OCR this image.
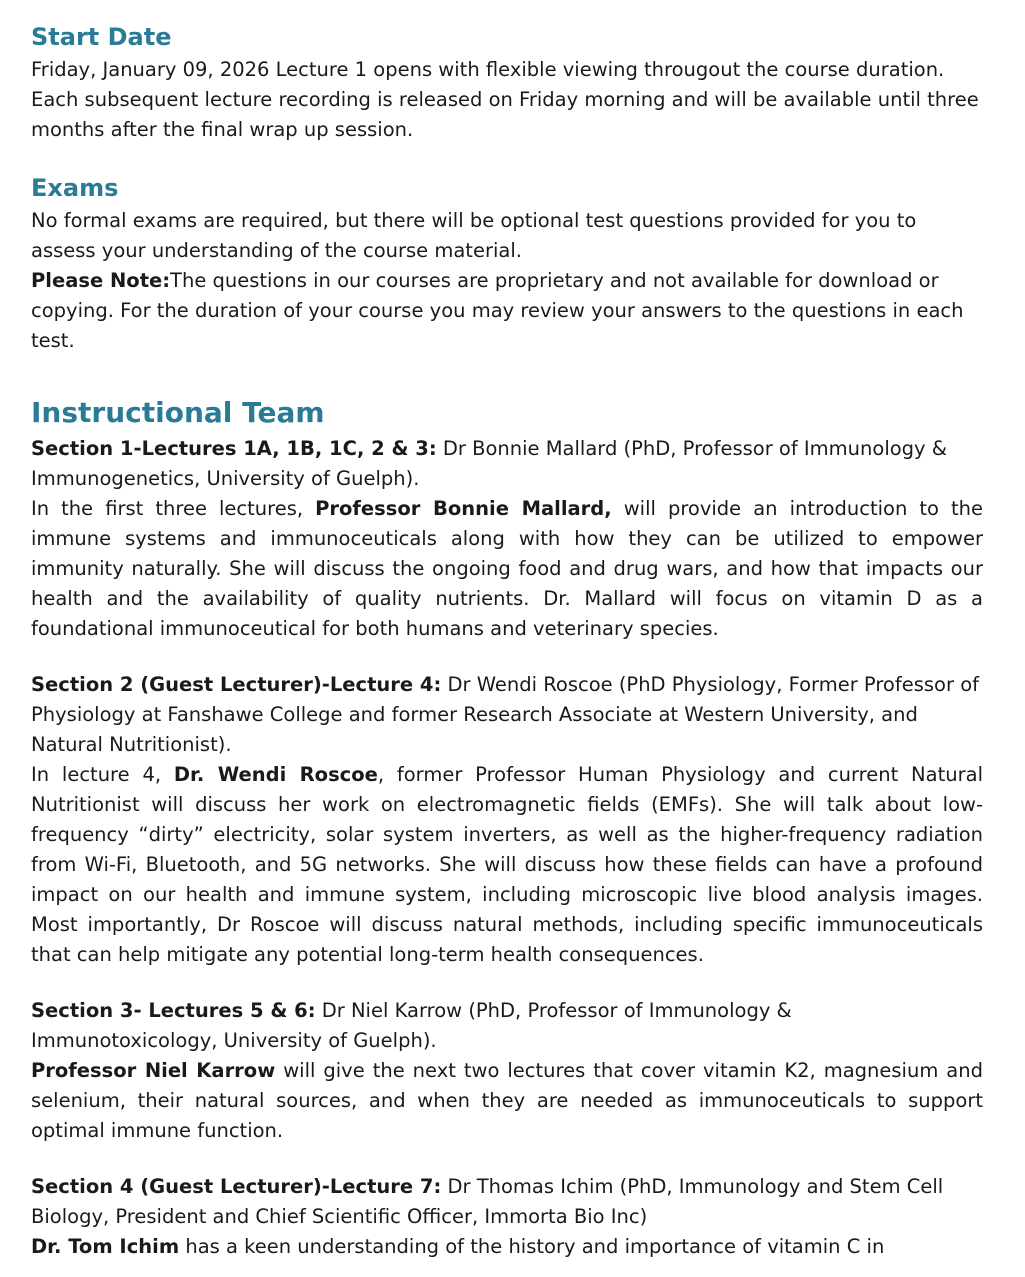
Start Date

Friday, January 09, 2026 Lecture 1 opens with flexible viewing througout the course duration. Each subsequent lecture recording is released on Friday morning and will be available until three months after the final wrap up session.

Exams

No formal exams are required, but there will be optional test questions provided for you to assess your understanding of the course material.

Please Note:The questions in our courses are proprietary and not available for download or copying. For the duration of your course you may review your answers to the questions in each test.

Instructional Team

Section 1-Lectures 1A, 1B, 1C, 2 & 3: Dr Bonnie Mallard (PhD, Professor of Immunology & Immunogenetics, University of Guelph).

In the first three lectures, Professor Bonnie Mallard, will provide an introduction to the immune systems and immunoceuticals along with how they can be utilized to empower immunity naturally. She will discuss the ongoing food and drug wars, and how that impacts our health and the availability of quality nutrients. Dr. Mallard will focus on vitamin D as a foundational immunoceutical for both humans and veterinary species.

Section 2 (Guest Lecturer)-Lecture 4: Dr Wendi Roscoe (PhD Physiology, Former Professor of Physiology at Fanshawe College and former Research Associate at Western University, and Natural Nutritionist).

In lecture 4, Dr. Wendi Roscoe, former Professor Human Physiology and current Natural Nutritionist will discuss her work on electromagnetic fields (EMFs). She will talk about low-frequency “dirty” electricity, solar system inverters, as well as the higher-frequency radiation from Wi-Fi, Bluetooth, and 5G networks. She will discuss how these fields can have a profound impact on our health and immune system, including microscopic live blood analysis images. Most importantly, Dr Roscoe will discuss natural methods, including specific immunoceuticals that can help mitigate any potential long-term health consequences.

Section 3- Lectures 5 & 6: Dr Niel Karrow (PhD, Professor of Immunology & Immunotoxicology, University of Guelph).

Professor Niel Karrow will give the next two lectures that cover vitamin K2, magnesium and selenium, their natural sources, and when they are needed as immunoceuticals to support optimal immune function.

Section 4 (Guest Lecturer)-Lecture 7: Dr Thomas Ichim (PhD, Immunology and Stem Cell Biology, President and Chief Scientific Officer, Immorta Bio Inc)

Dr. Tom Ichim has a keen understanding of the history and importance of vitamin C in
